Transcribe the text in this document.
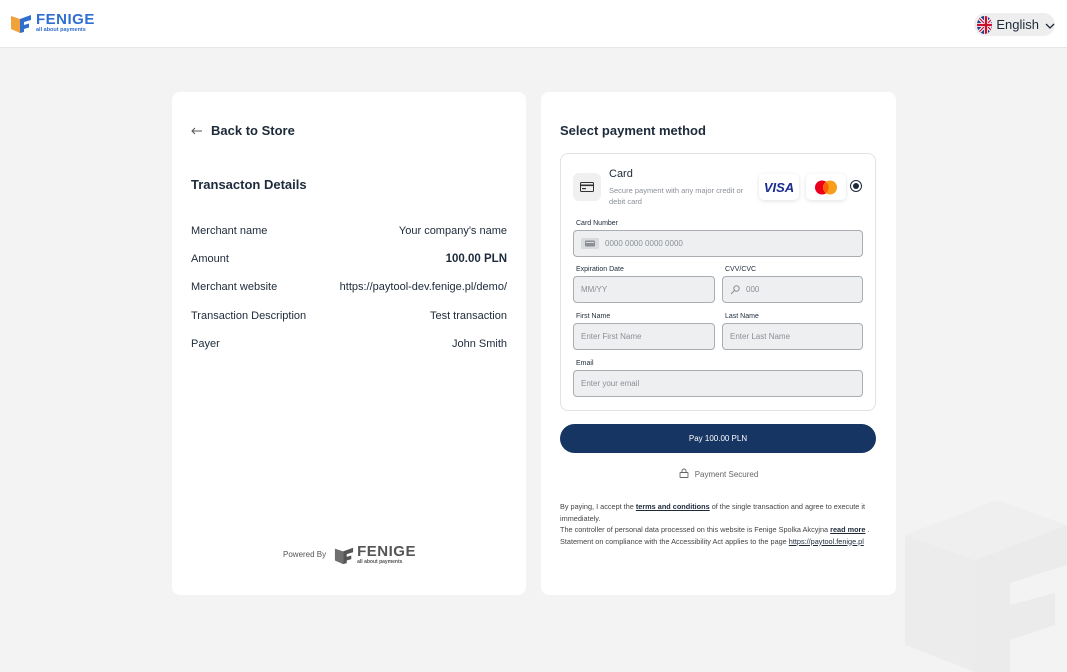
FENIGE
all about payments	English
Back to Store
Transacton Details
Merchant name	Your company's name
Amount	100.00 PLN
Merchant website	https://paytool-dev.fenige.pl/demo/
Transaction Description	Test transaction
Payer	John Smith
Powered By FENIGE
all about payments
Select payment method
Card
Secure payment with any major credit or debit card
VISA
Card Number
0000 0000 0000 0000
Expiration Date
MM/YY
CVV/CVC
000
First Name
Enter First Name
Last Name
Enter Last Name
Email
Enter your email
Pay 100.00 PLN
Payment Secured
By paying, I accept the terms and conditions of the single transaction and agree to execute it immediately.
The controller of personal data processed on this website is Fenige Spolka Akcyjna read more .
Statement on compliance with the Accessibility Act applies to the page https://paytool.fenige.pl
